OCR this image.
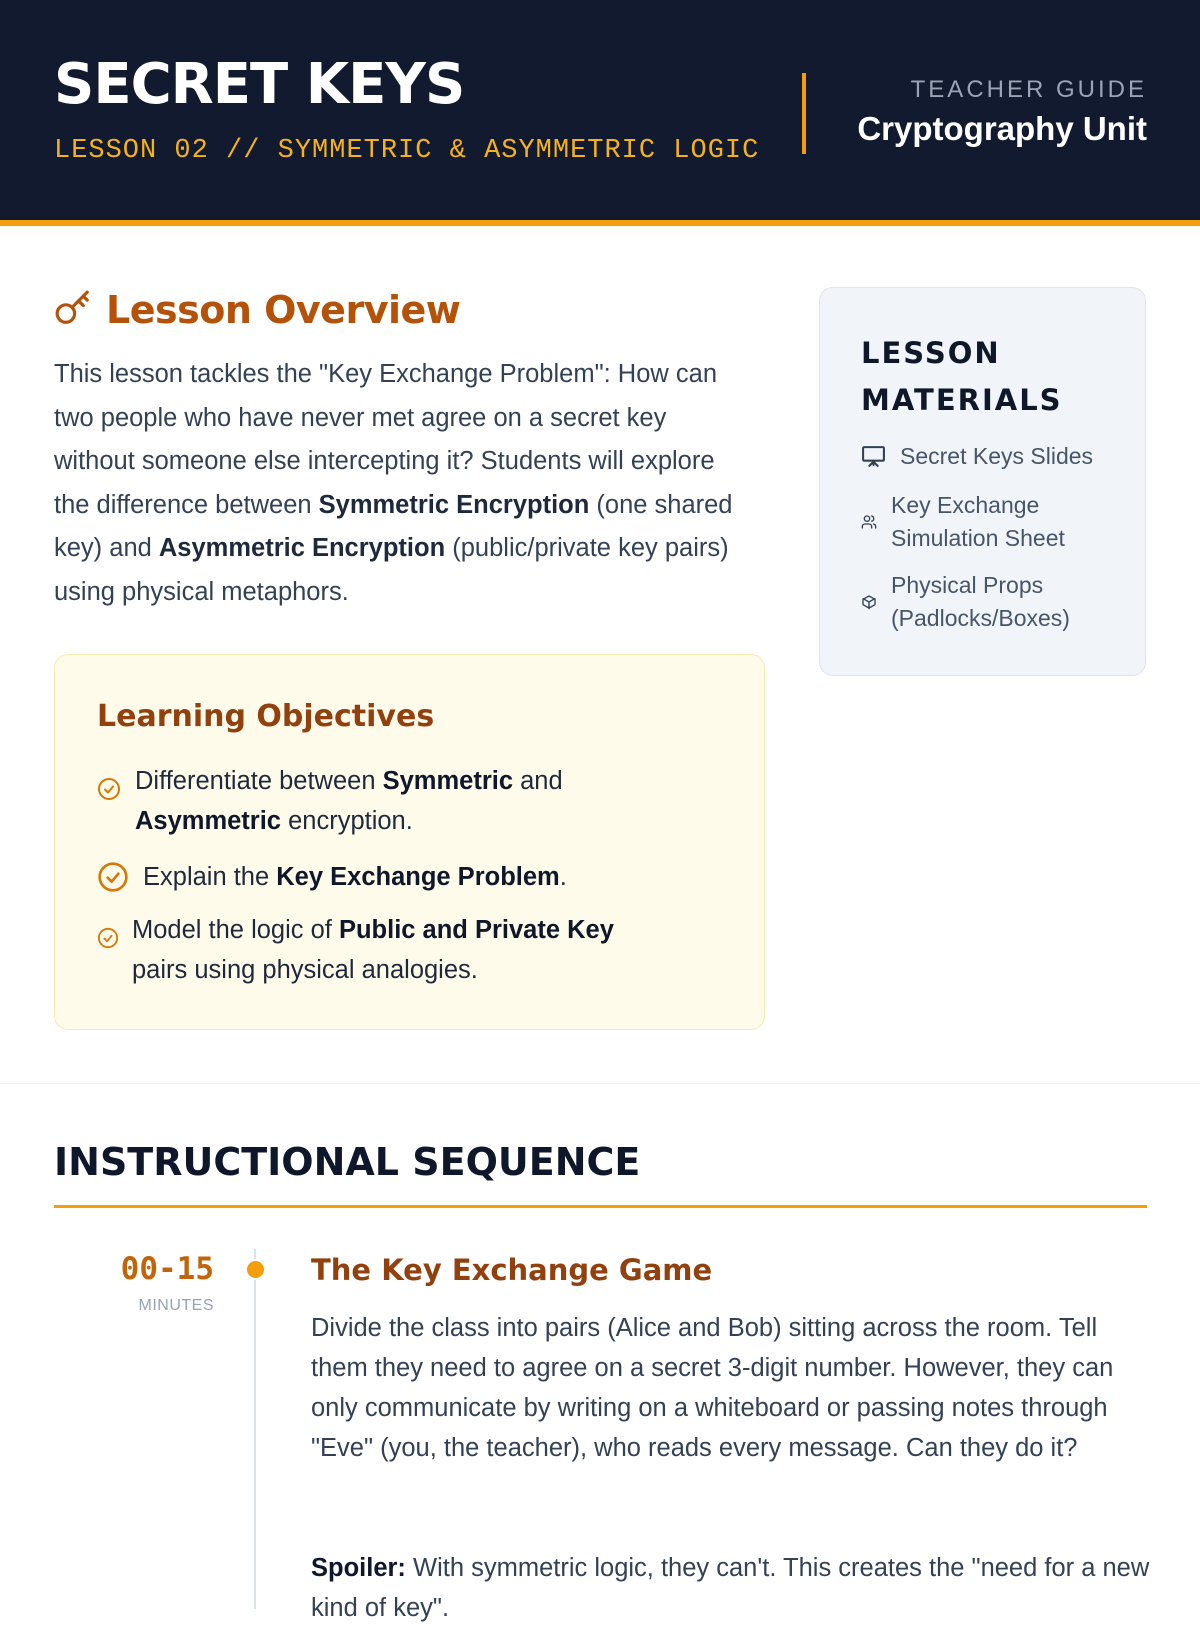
SECRET KEYS
LESSON 02 // SYMMETRIC & ASYMMETRIC LOGIC
TEACHER GUIDE
Cryptography Unit
Lesson Overview

This lesson tackles the "Key Exchange Problem": How can two people who have never met agree on a secret key without someone else intercepting it? Students will explore the difference between Symmetric Encryption (one shared key) and Asymmetric Encryption (public/private key pairs) using physical metaphors.

Learning Objectives
Differentiate between Symmetric and
Asymmetric encryption.
Explain the Key Exchange Problem.
Model the logic of Public and Private Key
pairs using physical analogies.
LESSON MATERIALS
Secret Keys Slides
Key Exchange Simulation Sheet
Physical Props (Padlocks/Boxes)
INSTRUCTIONAL SEQUENCE
00-15
MINUTES
The Key Exchange Game

Divide the class into pairs (Alice and Bob) sitting across the room. Tell them they need to agree on a secret 3-digit number. However, they can only communicate by writing on a whiteboard or passing notes through "Eve" (you, the teacher), who reads every message. Can they do it?

Spoiler: With symmetric logic, they can't. This creates the "need for a new kind of key".
